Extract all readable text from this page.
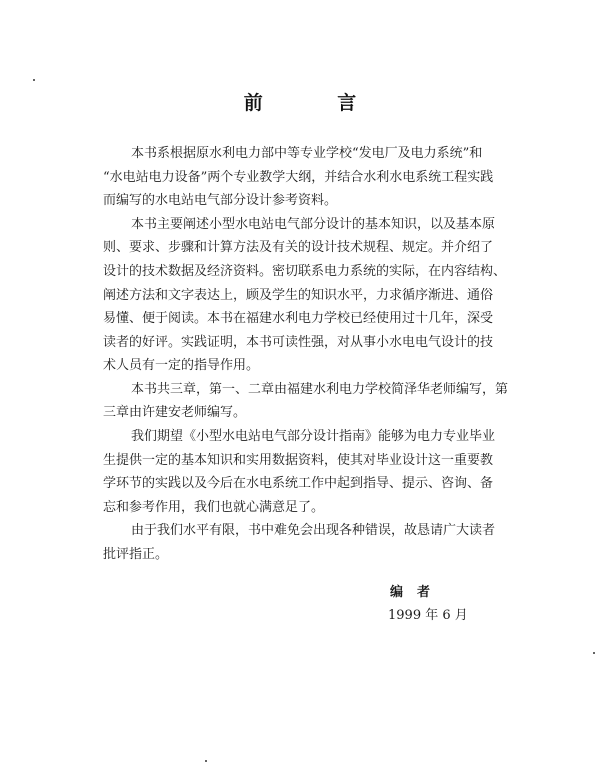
前 言
本书系根据原水利电力部中等专业学校“发电厂及电力系统”和
“水电站电力设备”两个专业教学大纲，并结合水利水电系统工程实践
而编写的水电站电气部分设计参考资料。
本书主要阐述小型水电站电气部分设计的基本知识，以及基本原
则、要求、步骤和计算方法及有关的设计技术规程、规定。并介绍了
设计的技术数据及经济资料。密切联系电力系统的实际，在内容结构、
阐述方法和文字表达上，顾及学生的知识水平，力求循序渐进、通俗
易懂、便于阅读。本书在福建水利电力学校已经使用过十几年，深受
读者的好评。实践证明，本书可读性强，对从事小水电电气设计的技
术人员有一定的指导作用。
本书共三章，第一、二章由福建水利电力学校简泽华老师编写，第
三章由许建安老师编写。
我们期望《小型水电站电气部分设计指南》能够为电力专业毕业
生提供一定的基本知识和实用数据资料，使其对毕业设计这一重要教
学环节的实践以及今后在水电系统工作中起到指导、提示、咨询、备
忘和参考作用，我们也就心满意足了。
由于我们水平有限，书中难免会出现各种错误，故恳请广大读者
批评指正。
编者
1999 年 6 月
